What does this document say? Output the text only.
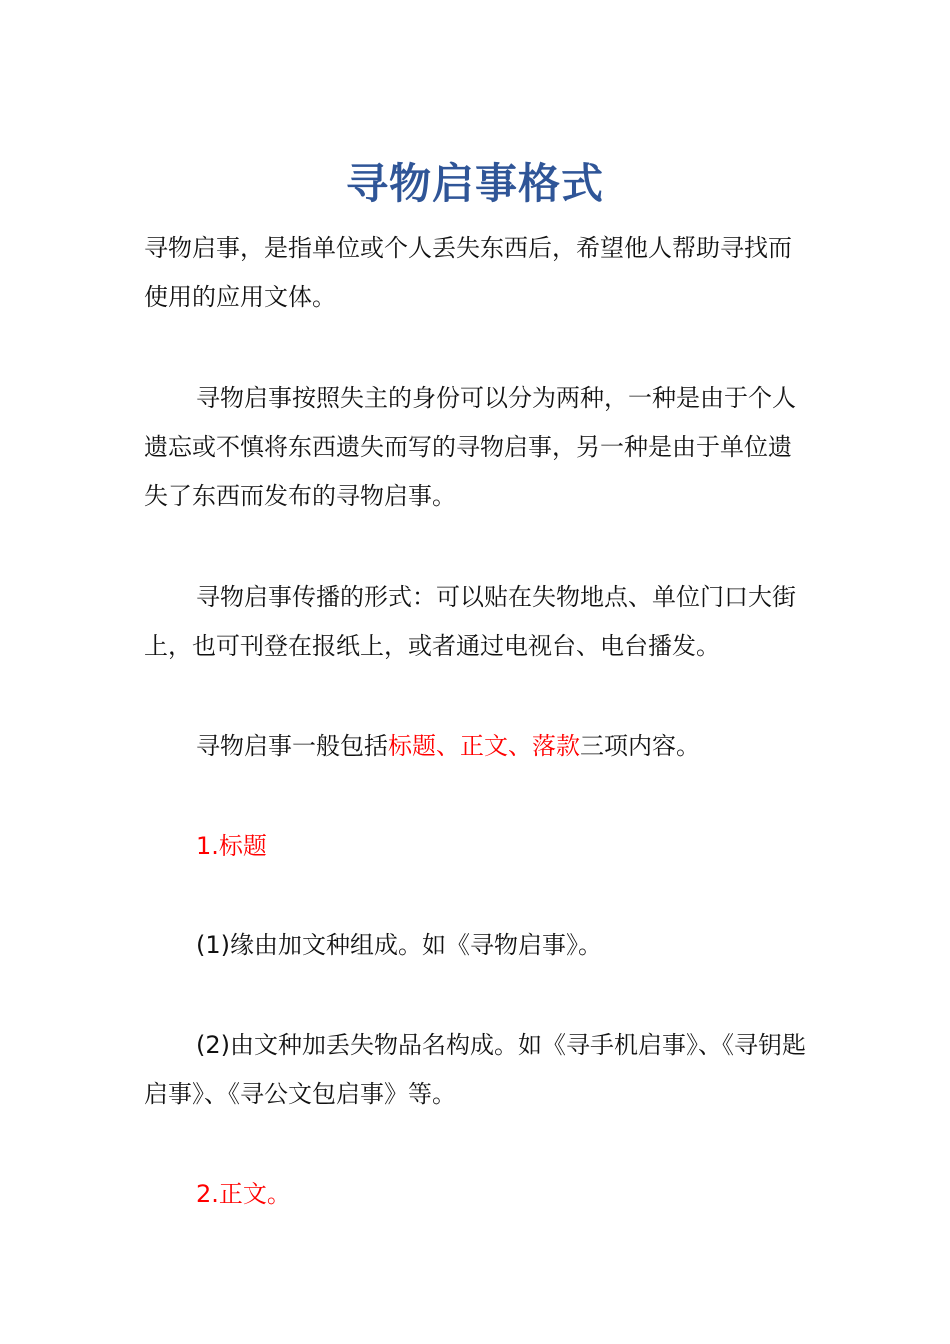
寻物启事格式

寻物启事，是指单位或个人丢失东西后，希望他人帮助寻找而使用的应用文体。

寻物启事按照失主的身份可以分为两种，一种是由于个人遗忘或不慎将东西遗失而写的寻物启事，另一种是由于单位遗失了东西而发布的寻物启事。

寻物启事传播的形式：可以贴在失物地点、单位门口大街上，也可刊登在报纸上，或者通过电视台、电台播发。

寻物启事一般包括标题、正文、落款三项内容。

1.标题

(1)缘由加文种组成。如《寻物启事》。

(2)由文种加丢失物品名构成。如《寻手机启事》、《寻钥匙启事》、《寻公文包启事》等。

2.正文。
